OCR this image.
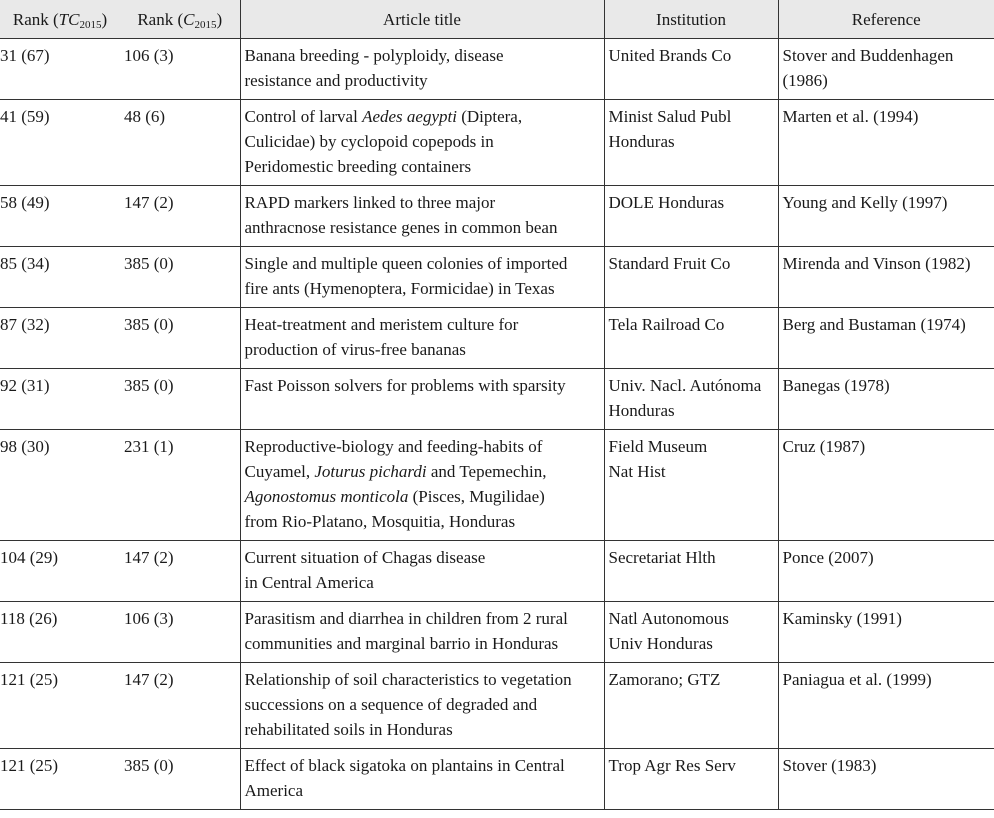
Rank $(TC_{2015})$	Rank $(C_{2015})$	Article title	Institution	Reference
31 (67)	106 (3)	Banana breeding - polyploidy, disease
resistance and productivity	United Brands Co	Stover and Buddenhagen
(1986)

41 (59)	48 (6)	Control of larval Aedes aegypti (Diptera,
Culicidae) by cyclopoid copepods in
Peridomestic breeding containers	Minist Salud Publ
Honduras	Marten et al. (1994)

58 (49)	147 (2)	RAPD markers linked to three major
anthracnose resistance genes in common bean	DOLE Honduras	Young and Kelly (1997)

85 (34)	385 (0)	Single and multiple queen colonies of imported
fire ants (Hymenoptera, Formicidae) in Texas	Standard Fruit Co	Mirenda and Vinson (1982)

87 (32)	385 (0)	Heat-treatment and meristem culture for
production of virus-free bananas	Tela Railroad Co	Berg and Bustaman (1974)

92 (31)	385 (0)	Fast Poisson solvers for problems with sparsity	Univ. Nacl. Autónoma
Honduras	Banegas (1978)

98 (30)	231 (1)	Reproductive-biology and feeding-habits of
Cuyamel, Joturus pichardi and Tepemechin,
Agonostomus monticola (Pisces, Mugilidae)
from Rio-Platano, Mosquitia, Honduras	Field Museum
Nat Hist	Cruz (1987)

104 (29)	147 (2)	Current situation of Chagas disease
in Central America	Secretariat Hlth	Ponce (2007)

118 (26)	106 (3)	Parasitism and diarrhea in children from 2 rural
communities and marginal barrio in Honduras	Natl Autonomous
Univ Honduras	Kaminsky (1991)

121 (25)	147 (2)	Relationship of soil characteristics to vegetation
successions on a sequence of degraded and
rehabilitated soils in Honduras	Zamorano; GTZ	Paniagua et al. (1999)

121 (25)	385 (0)	Effect of black sigatoka on plantains in Central
America	Trop Agr Res Serv	Stover (1983)
